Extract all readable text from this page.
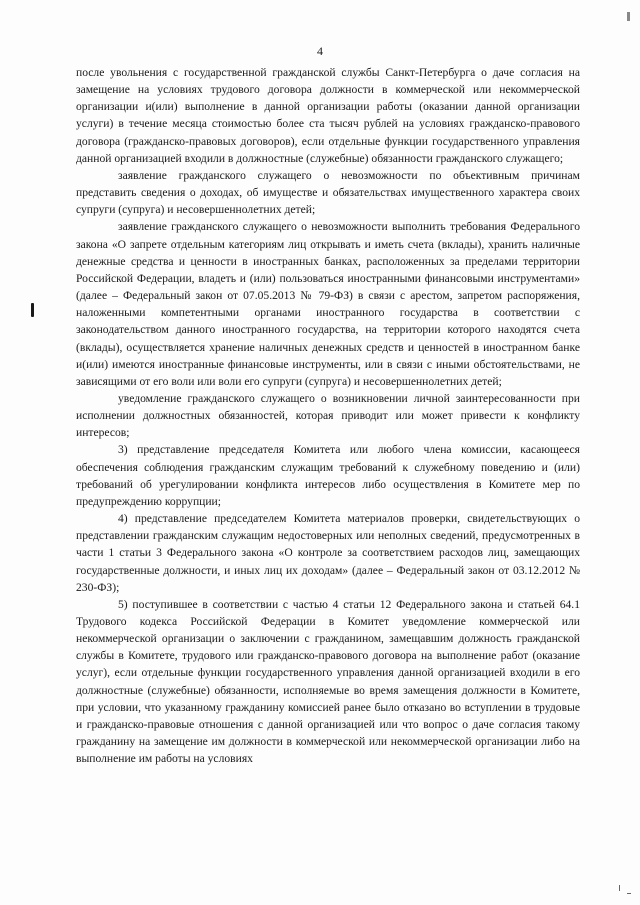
4

после увольнения с государственной гражданской службы Санкт-Петербурга о даче согласия на замещение на условиях трудового договора должности в коммерческой или некоммерческой организации и(или) выполнение в данной организации работы (оказании данной организации услуги) в течение месяца стоимостью более ста тысяч рублей на условиях гражданско-правового договора (гражданско-правовых договоров), если отдельные функции государственного управления данной организацией входили в должностные (служебные) обязанности гражданского служащего;

заявление гражданского служащего о невозможности по объективным причинам представить сведения о доходах, об имуществе и обязательствах имущественного характера своих супруги (супруга) и несовершеннолетних детей;

заявление гражданского служащего о невозможности выполнить требования Федерального закона «О запрете отдельным категориям лиц открывать и иметь счета (вклады), хранить наличные денежные средства и ценности в иностранных банках, расположенных за пределами территории Российской Федерации, владеть и (или) пользоваться иностранными финансовыми инструментами» (далее – Федеральный закон от 07.05.2013 № 79-ФЗ) в связи с арестом, запретом распоряжения, наложенными компетентными органами иностранного государства в соответствии с законодательством данного иностранного государства, на территории которого находятся счета (вклады), осуществляется хранение наличных денежных средств и ценностей в иностранном банке и(или) имеются иностранные финансовые инструменты, или в связи с иными обстоятельствами, не зависящими от его воли или воли его супруги (супруга) и несовершеннолетних детей;

уведомление гражданского служащего о возникновении личной заинтересованности при исполнении должностных обязанностей, которая приводит или может привести к конфликту интересов;

3) представление председателя Комитета или любого члена комиссии, касающееся обеспечения соблюдения гражданским служащим требований к служебному поведению и (или) требований об урегулировании конфликта интересов либо осуществления в Комитете мер по предупреждению коррупции;

4) представление председателем Комитета материалов проверки, свидетельствующих о представлении гражданским служащим недостоверных или неполных сведений, предусмотренных в части 1 статьи 3 Федерального закона «О контроле за соответствием расходов лиц, замещающих государственные должности, и иных лиц их доходам» (далее – Федеральный закон от 03.12.2012 № 230-ФЗ);

5) поступившее в соответствии с частью 4 статьи 12 Федерального закона и статьей 64.1 Трудового кодекса Российской Федерации в Комитет уведомление коммерческой или некоммерческой организации о заключении с гражданином, замещавшим должность гражданской службы в Комитете, трудового или гражданско-правового договора на выполнение работ (оказание услуг), если отдельные функции государственного управления данной организацией входили в его должностные (служебные) обязанности, исполняемые во время замещения должности в Комитете, при условии, что указанному гражданину комиссией ранее было отказано во вступлении в трудовые и гражданско-правовые отношения с данной организацией или что вопрос о даче согласия такому гражданину на замещение им должности в коммерческой или некоммерческой организации либо на выполнение им работы на условиях
